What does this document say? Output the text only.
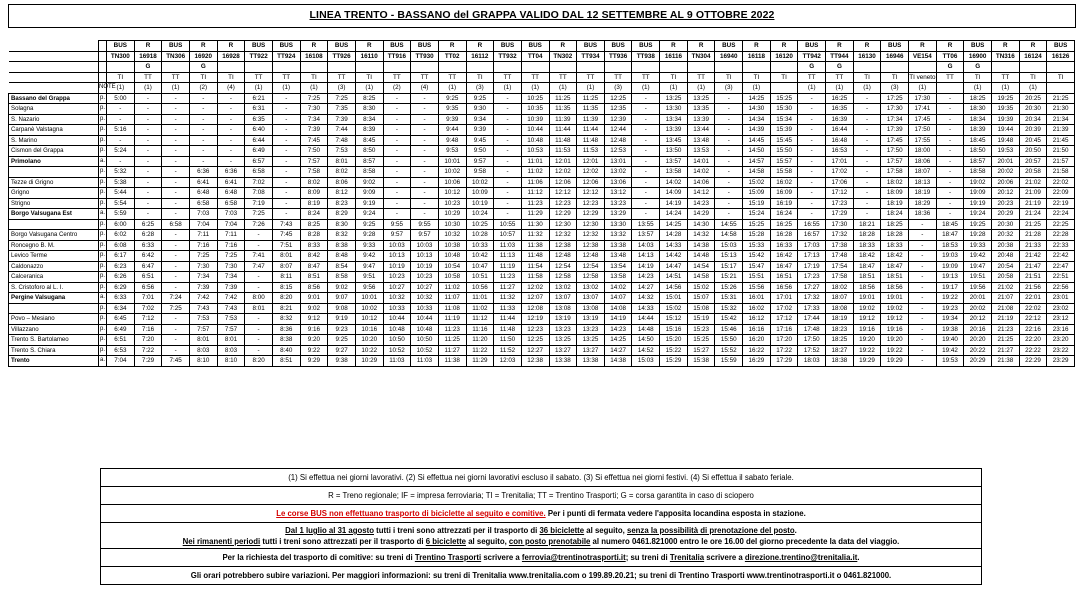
LINEA TRENTO - BASSANO del GRAPPA VALIDO DAL 12 SETTEMBRE AL 9 OTTOBRE 2022
		BUS	R	BUS	R	R	BUS	BUS	R	BUS	R	BUS	BUS	R	R	BUS	BUS	R	BUS	BUS	BUS	R	R	BUS	R	R	BUS	R	R	BUS	R	R	BUS	R	R	BUS		
		TN300	16918	TN306	16920	16928	TT922	TT924	16108	TT926	16110	TT916	TT930	TT02	16112	TT932	TT04	TN302	TT934	TT936	TT938	16116	TN304	16940	16118	16120	TT942	TT944	16130	16946	VE154	TT06	16900	TN316	16124	16126	
			G		G																						G	G				G	G				
		TI	TT	TT	TI	TI	TT	TT	TI	TT	TI	TT	TT	TT	TI	TT	TT	TT	TT	TT	TT	TI	TT	TI	TI	TI	TT	TT	TI	TI	TI veneto	TT	TI	TT	TI	TI	
	NOTE	(1)	(1)	(1)	(2)	(4)	(1)	(1)	(1)	(3)	(1)	(2)	(4)	(1)	(3)	(1)	(1)	(1)	(1)	(3)	(1)	(1)	(1)	(3)	(1)		(1)	(1)	(1)	(3)	(1)		(1)	(1)	(1)		
Bassano del Grappa	p.	5:00	-	-	-	-	6:21	-	7:25	7:25	8:25	-	-	9:25	9:25	-	10:25	11:25	11:25	12:25	-	13:25	13:25	-	14:25	15:25	-	16:25	-	17:25	17:30	-	18:25	19:25	20:25	21:25	
Solagna	p.	-	-	-	-	-	6:31	-	7:30	7:35	8:30	-	-	9:35	9:30	-	10:35	11:35	11:35	12:35	-	13:30	13:35	-	14:30	15:30	-	16:35	-	17:30	17:41	-	18:30	19:35	20:30	21:30	
S. Nazario	p.	-	-	-	-	-	6:35	-	7:34	7:39	8:34	-	-	9:39	9:34	-	10:39	11:39	11:39	12:39	-	13:34	13:39	-	14:34	15:34	-	16:39	-	17:34	17:45	-	18:34	19:39	20:34	21:34	
Carpanè Valstagna	p.	5:16	-	-	-	-	6:40	-	7:39	7:44	8:39	-	-	9:44	9:39	-	10:44	11:44	11:44	12:44	-	13:39	13:44	-	14:39	15:39	-	16:44	-	17:39	17:50	-	18:39	19:44	20:39	21:39	
S. Marino	p.	-	-	-	-	-	6:44	-	7:45	7:48	8:45	-	-	9:48	9:45	-	10:48	11:48	11:48	12:48	-	13:45	13:48	-	14:45	15:45	-	16:48	-	17:45	17:55	-	18:45	19:48	20:45	21:45	
Cismon del Grappa	p.	5:24	-	-	-	-	6:49	-	7:50	7:53	8:50	-	-	9:53	9:50	-	10:53	11:53	11:53	12:53	-	13:50	13:53	-	14:50	15:50	-	16:53	-	17:50	18:00	-	18:50	19:53	20:50	21:50	
Primolano	a.	-	-	-	-	-	6:57	-	7:57	8:01	8:57	-	-	10:01	9:57	-	11:01	12:01	12:01	13:01	-	13:57	14:01	-	14:57	15:57	-	17:01	-	17:57	18:06	-	18:57	20:01	20:57	21:57	
	p.	5:32	-	-	6:36	6:36	6:58	-	7:58	8:02	8:58	-	-	10:02	9:58	-	11:02	12:02	12:02	13:02	-	13:58	14:02	-	14:58	15:58	-	17:02	-	17:58	18:07	-	18:58	20:02	20:58	21:58	
Tezze di Grigno	p.	5:38	-	-	6:41	6:41	7:02	-	8:02	8:06	9:02	-	-	10:06	10:02	-	11:06	12:06	12:06	13:06	-	14:02	14:06	-	15:02	16:02	-	17:06	-	18:02	18:13	-	19:02	20:06	21:02	22:02	
Grigno	p.	5:44	-	-	6:48	6:48	7:08	-	8:09	8:12	9:09	-	-	10:12	10:09	-	11:12	12:12	12:12	13:12	-	14:09	14:12	-	15:09	16:09	-	17:12	-	18:09	18:19	-	19:09	20:12	21:09	22:09	
Strigno	p.	5:54	-	-	6:58	6:58	7:19	-	8:19	8:23	9:19	-	-	10:23	10:19	-	11:23	12:23	12:23	13:23	-	14:19	14:23	-	15:19	16:19	-	17:23	-	18:19	18:29	-	19:19	20:23	21:19	22:19	
Borgo Valsugana Est	a.	5:59	-	-	7:03	7:03	7:25	-	8:24	8:29	9:24	-	-	10:29	10:24	-	11:29	12:29	12:29	13:29	-	14:24	14:29	-	15:24	16:24	-	17:29	-	18:24	18:36	-	19:24	20:29	21:24	22:24	
	p.	6:00	6:25	6:58	7:04	7:04	7:26	7:43	8:25	8:30	9:25	9:55	9:55	10:30	10:25	10:55	11:30	12:30	12:30	13:30	13:55	14:25	14:30	14:55	15:25	16:25	16:55	17:30	18:21	18:25	-	18:45	19:25	20:30	21:25	22:25	
Borgo Valsugana Centro	p.	6:02	6:28	-	7:11	7:11	-	7:45	8:28	8:32	9:28	9:57	9:57	10:32	10:28	10:57	11:32	12:32	12:32	13:32	13:57	14:28	14:32	14:58	15:28	16:28	16:57	17:32	18:28	18:28	-	18:47	19:28	20:32	21:28	22:28	
Roncegno B. M.	p.	6:08	6:33	-	7:16	7:16	-	7:51	8:33	8:38	9:33	10:03	10:03	10:38	10:33	11:03	11:38	12:38	12:38	13:38	14:03	14:33	14:38	15:03	15:33	16:33	17:03	17:38	18:33	18:33	-	18:53	19:33	20:38	21:33	22:33	
Levico Terme	p.	6:17	6:42	-	7:25	7:25	7:41	8:01	8:42	8:48	9:42	10:13	10:13	10:48	10:42	11:13	11:48	12:48	12:48	13:48	14:13	14:42	14:48	15:13	15:42	16:42	17:13	17:48	18:42	18:42	-	19:03	19:42	20:48	21:42	22:42	
Caldonazzo	p.	6:23	6:47	-	7:30	7:30	7:47	8:07	8:47	8:54	9:47	10:19	10:19	10:54	10:47	11:19	11:54	12:54	12:54	13:54	14:19	14:47	14:54	15:17	15:47	16:47	17:19	17:54	18:47	18:47	-	19:09	19:47	20:54	21:47	22:47	
Calceranica	p.	6:26	6:51	-	7:34	7:34	-	8:11	8:51	8:58	9:51	10:23	10:23	10:58	10:51	11:23	11:58	12:58	12:58	13:58	14:23	14:51	14:58	15:21	15:51	16:51	17:23	17:58	18:51	18:51	-	19:13	19:51	20:58	21:51	22:51	
S. Cristoforo al L. I.	p.	6:29	6:56	-	7:39	7:39	-	8:15	8:56	9:02	9:56	10:27	10:27	11:02	10:56	11:27	12:02	13:02	13:02	14:02	14:27	14:56	15:02	15:26	15:56	16:56	17:27	18:02	18:56	18:56	-	19:17	19:56	21:02	21:56	22:56	
Pergine Valsugana	a.	6:33	7:01	7:24	7:42	7:42	8:00	8:20	9:01	9:07	10:01	10:32	10:32	11:07	11:01	11:32	12:07	13:07	13:07	14:07	14:32	15:01	15:07	15:31	16:01	17:01	17:32	18:07	19:01	19:01	-	19:22	20:01	21:07	22:01	23:01	
	p.	6:34	7:02	7:25	7:43	7:43	8:01	8:21	9:02	9:08	10:02	10:33	10:33	11:08	11:02	11:33	12:08	13:08	13:08	14:08	14:33	15:02	15:08	15:32	16:02	17:02	17:33	18:08	19:02	19:02	-	19:23	20:02	21:08	22:02	23:02	
Povo – Mesiano	p.	6:45	7:12	-	7:53	7:53	-	8:32	9:12	9:19	10:12	10:44	10:44	11:19	11:12	11:44	12:19	13:19	13:19	14:19	14:44	15:12	15:19	15:42	16:12	17:12	17:44	18:19	19:12	19:12	-	19:34	20:12	21:19	22:12	23:12	
Villazzano	p.	6:49	7:16	-	7:57	7:57	-	8:36	9:16	9:23	10:16	10:48	10:48	11:23	11:16	11:48	12:23	13:23	13:23	14:23	14:48	15:16	15:23	15:46	16:16	17:16	17:48	18:23	19:16	19:16	-	19:38	20:16	21:23	22:16	23:16	
Trento S. Bartolameo	p.	6:51	7:20	-	8:01	8:01	-	8:38	9:20	9:25	10:20	10:50	10:50	11:25	11:20	11:50	12:25	13:25	13:25	14:25	14:50	15:20	15:25	15:50	16:20	17:20	17:50	18:25	19:20	19:20	-	19:40	20:20	21:25	22:20	23:20	
Trento S. Chiara	p.	6:53	7:22	-	8:03	8:03	-	8:40	9:22	9:27	10:22	10:52	10:52	11:27	11:22	11:52	12:27	13:27	13:27	14:27	14:52	15:22	15:27	15:52	16:22	17:22	17:52	18:27	19:22	19:22	-	19:42	20:22	21:27	22:22	23:22	
Trento	a.	7:04	7:29	7:45	8:10	8:10	8:20	8:51	9:29	9:38	10:29	11:03	11:03	11:38	11:29	12:03	12:38	13:38	13:38	14:38	15:03	15:29	15:38	15:59	16:29	17:29	18:03	18:38	19:29	19:29	-	19:53	20:29	21:38	22:29	23:29	
(1) Si effettua nei giorni lavorativi. (2) Si effettua nei giorni lavorativi escluso il sabato. (3) Si effettua nei giorni festivi. (4) Si effettua il sabato feriale.
R = Treno regionale; IF = impresa ferroviaria; TI = Trenitalia; TT = Trentino Trasporti; G = corsa garantita in caso di sciopero
Le corse BUS non effettuano trasporto di biciclette al seguito e comitive. Per i punti di fermata vedere l'apposita locandina esposta in stazione.
Dal 1 luglio al 31 agosto tutti i treni sono attrezzati per il trasporto di 36 biciclette al seguito, senza la possibilità di prenotazione del posto.
Nei rimanenti periodi tutti i treni sono attrezzati per il trasporto di 6 biciclette al seguito, con posto prenotabile al numero 0461.821000 entro le ore 16.00 del giorno precedente la data del viaggio.
Per la richiesta del trasporto di comitive: su treni di Trentino Trasporti scrivere a ferrovia@trentinotrasporti.it; su treni di Trenitalia scrivere a direzione.trentino@trenitalia.it.
Gli orari potrebbero subire variazioni. Per maggiori informazioni: su treni di Trenitalia www.trenitalia.com o 199.89.20.21; su treni di Trentino Trasporti www.trentinotrasporti.it o 0461.821000.
